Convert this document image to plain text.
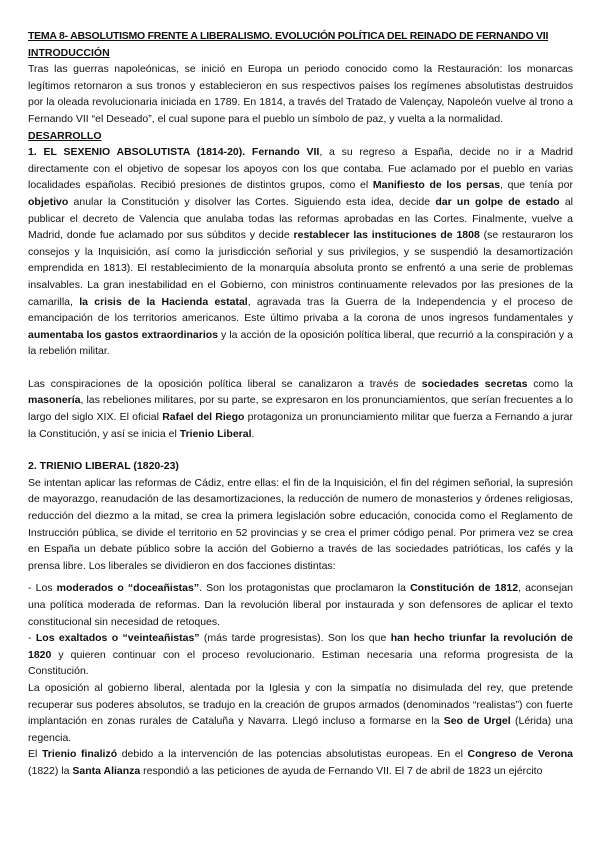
TEMA 8- ABSOLUTISMO FRENTE A LIBERALISMO. EVOLUCIÓN POLÍTICA DEL REINADO DE FERNANDO VII
INTRODUCCIÓN

Tras las guerras napoleónicas, se inició en Europa un periodo conocido como la Restauración: los monarcas legítimos retornaron a sus tronos y establecieron en sus respectivos países los regímenes absolutistas destruidos por la oleada revolucionaria iniciada en 1789. En 1814, a través del Tratado de Valençay, Napoleón vuelve al trono a Fernando VII “el Deseado”, el cual supone para el pueblo un símbolo de paz, y vuelta a la normalidad.

DESARROLLO

1. EL SEXENIO ABSOLUTISTA (1814-20). Fernando VII, a su regreso a España, decide no ir a Madrid directamente con el objetivo de sopesar los apoyos con los que contaba. Fue aclamado por el pueblo en varias localidades españolas. Recibió presiones de distintos grupos, como el Manifiesto de los persas, que tenía por objetivo anular la Constitución y disolver las Cortes. Siguiendo esta idea, decide dar un golpe de estado al publicar el decreto de Valencia que anulaba todas las reformas aprobadas en las Cortes. Finalmente, vuelve a Madrid, donde fue aclamado por sus súbditos y decide restablecer las instituciones de 1808 (se restauraron los consejos y la Inquisición, así como la jurisdicción señorial y sus privilegios, y se suspendió la desamortización emprendida en 1813). El restablecimiento de la monarquía absoluta pronto se enfrentó a una serie de problemas insalvables. La gran inestabilidad en el Gobierno, con ministros continuamente relevados por las presiones de la camarilla, la crisis de la Hacienda estatal, agravada tras la Guerra de la Independencia y el proceso de emancipación de los territorios americanos. Este último privaba a la corona de unos ingresos fundamentales y aumentaba los gastos extraordinarios y la acción de la oposición política liberal, que recurrió a la conspiración y a la rebelión militar.

Las conspiraciones de la oposición política liberal se canalizaron a través de sociedades secretas como la masonería, las rebeliones militares, por su parte, se expresaron en los pronunciamientos, que serían frecuentes a lo largo del siglo XIX. El oficial Rafael del Riego protagoniza un pronunciamiento militar que fuerza a Fernando a jurar la Constitución, y así se inicia el Trienio Liberal.

2. TRIENIO LIBERAL (1820-23)

Se intentan aplicar las reformas de Cádiz, entre ellas: el fin de la Inquisición, el fin del régimen señorial, la supresión de mayorazgo, reanudación de las desamortizaciones, la reducción de numero de monasterios y órdenes religiosas, reducción del diezmo a la mitad, se crea la primera legislación sobre educación, conocida como el Reglamento de Instrucción pública, se divide el territorio en 52 provincias y se crea el primer código penal. Por primera vez se crea en España un debate público sobre la acción del Gobierno a través de las sociedades patrióticas, los cafés y la prensa libre. Los liberales se dividieron en dos facciones distintas:

- Los moderados o “doceañistas”. Son los protagonistas que proclamaron la Constitución de 1812, aconsejan una política moderada de reformas. Dan la revolución liberal por instaurada y son defensores de aplicar el texto constitucional sin necesidad de retoques.

- Los exaltados o “veinteañistas” (más tarde progresistas). Son los que han hecho triunfar la revolución de 1820 y quieren continuar con el proceso revolucionario. Estiman necesaria una reforma progresista de la Constitución.

La oposición al gobierno liberal, alentada por la Iglesia y con la simpatía no disimulada del rey, que pretende recuperar sus poderes absolutos, se tradujo en la creación de grupos armados (denominados “realistas”) con fuerte implantación en zonas rurales de Cataluña y Navarra. Llegó incluso a formarse en la Seo de Urgel (Lérida) una regencia.

El Trienio finalizó debido a la intervención de las potencias absolutistas europeas. En el Congreso de Verona (1822) la Santa Alianza respondió a las peticiones de ayuda de Fernando VII. El 7 de abril de 1823 un ejército
